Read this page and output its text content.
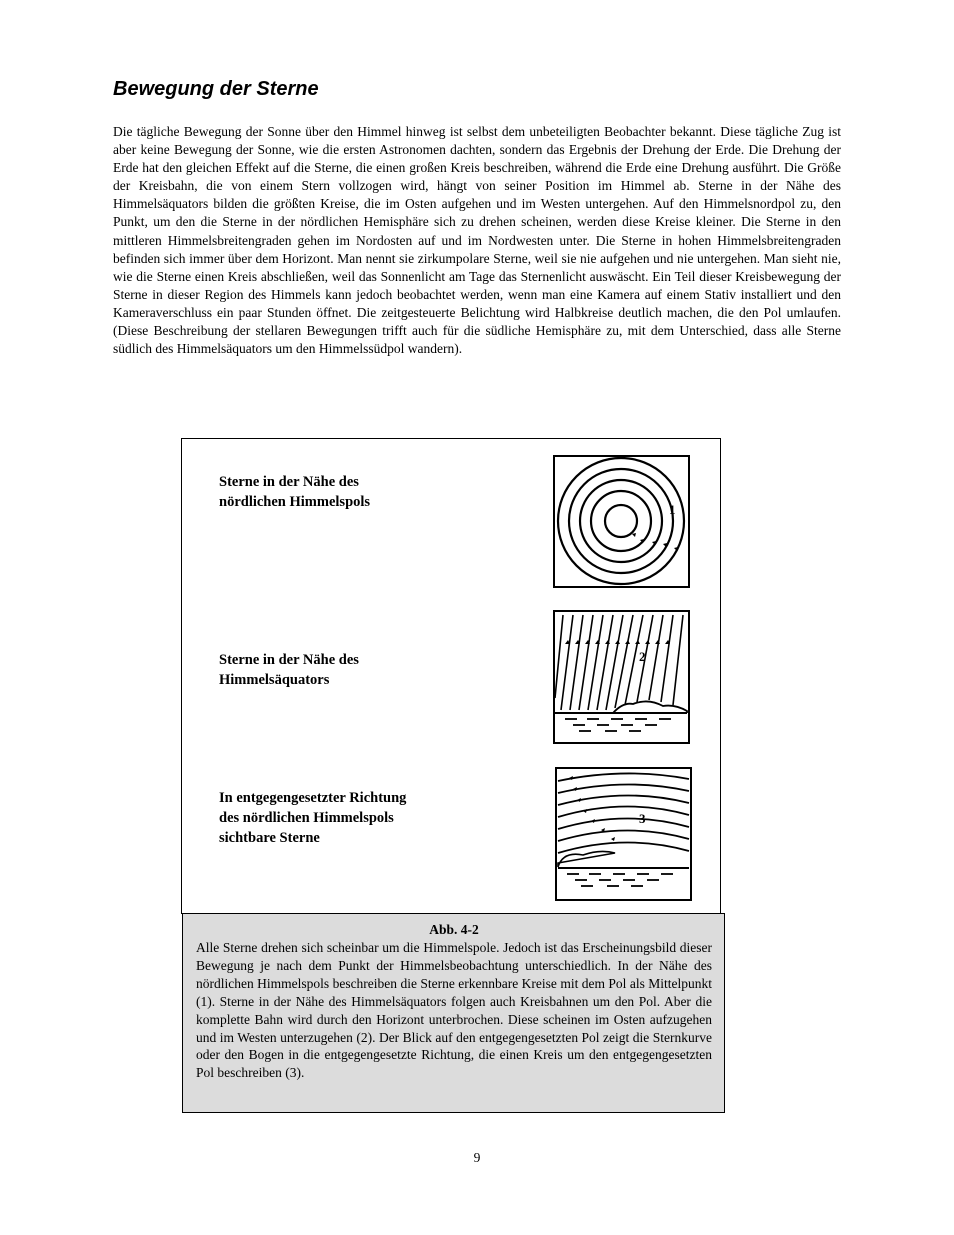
Bewegung der Sterne

Die tägliche Bewegung der Sonne über den Himmel hinweg ist selbst dem unbeteiligten Beobachter bekannt. Diese tägliche Zug ist aber keine Bewegung der Sonne, wie die ersten Astronomen dachten, sondern das Ergebnis der Drehung der Erde. Die Drehung der Erde hat den gleichen Effekt auf die Sterne, die einen großen Kreis beschreiben, während die Erde eine Drehung ausführt. Die Größe der Kreisbahn, die von einem Stern vollzogen wird, hängt von seiner Position im Himmel ab. Sterne in der Nähe des Himmelsäquators bilden die größten Kreise, die im Osten aufgehen und im Westen untergehen. Auf den Himmelsnordpol zu, den Punkt, um den die Sterne in der nördlichen Hemisphäre sich zu drehen scheinen, werden diese Kreise kleiner. Die Sterne in den mittleren Himmelsbreitengraden gehen im Nordosten auf und im Nordwesten unter. Die Sterne in hohen Himmelsbreitengraden befinden sich immer über dem Horizont. Man nennt sie zirkumpolare Sterne, weil sie nie aufgehen und nie untergehen. Man sieht nie, wie die Sterne einen Kreis abschließen, weil das Sonnenlicht am Tage das Sternenlicht auswäscht. Ein Teil dieser Kreisbewegung der Sterne in dieser Region des Himmels kann jedoch beobachtet werden, wenn man eine Kamera auf einem Stativ installiert und den Kameraverschluss ein paar Stunden öffnet. Die zeitgesteuerte Belichtung wird Halbkreise deutlich machen, die den Pol umlaufen. (Diese Beschreibung der stellaren Bewegungen trifft auch für die südliche Hemisphäre zu, mit dem Unterschied, dass alle Sterne südlich des Himmelsäquators um den Himmelssüdpol wandern).

Sterne in der Nähe des
nördlichen Himmelspols

Sterne in der Nähe des
Himmelsäquators

In entgegengesetzter Richtung
des nördlichen Himmelspols
sichtbare Sterne

1
2
3

Abb. 4-2

Alle Sterne drehen sich scheinbar um die Himmelspole. Jedoch ist das Erscheinungsbild dieser Bewegung je nach dem Punkt der Himmelsbeobachtung unterschiedlich. In der Nähe des nördlichen Himmelspols beschreiben die Sterne erkennbare Kreise mit dem Pol als Mittelpunkt (1). Sterne in der Nähe des Himmelsäquators folgen auch Kreisbahnen um den Pol. Aber die komplette Bahn wird durch den Horizont unterbrochen. Diese scheinen im Osten aufzugehen und im Westen unterzugehen (2). Der Blick auf den entgegengesetzten Pol zeigt die Sternkurve oder den Bogen in die entgegengesetzte Richtung, die einen Kreis um den entgegengesetzten Pol beschreiben (3).

9
